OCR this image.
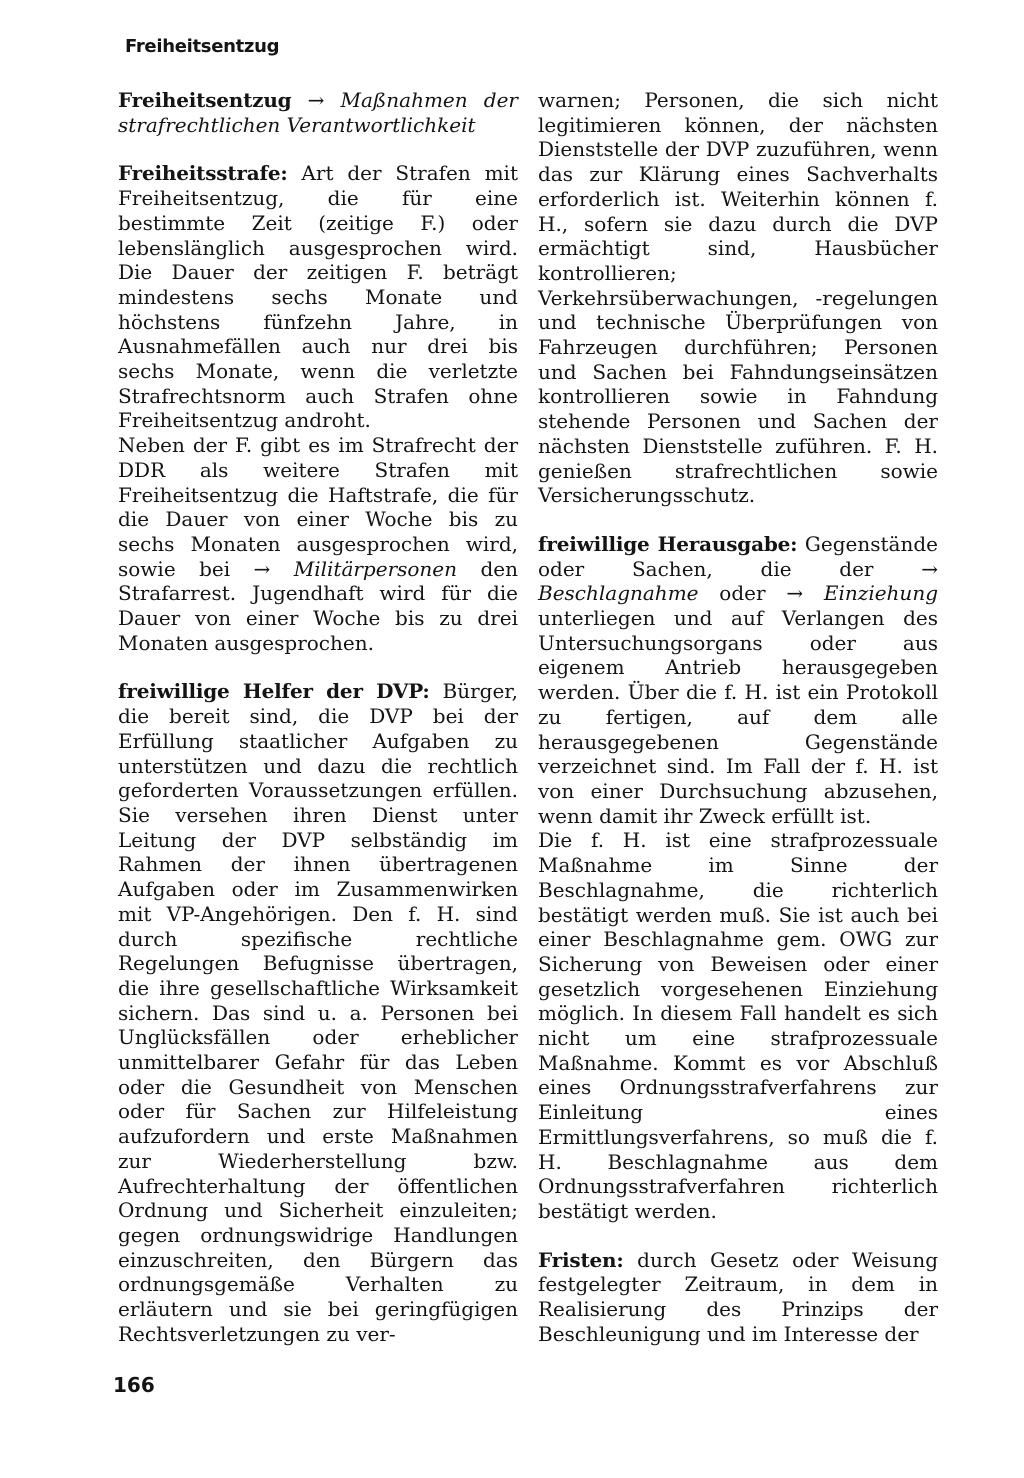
Freiheitsentzug

Freiheitsentzug → Maßnahmen der strafrechtlichen Verantwortlichkeit

Freiheitsstrafe: Art der Strafen mit Freiheitsentzug, die für eine bestimmte Zeit (zeitige F.) oder lebenslänglich ausgesprochen wird. Die Dauer der zeitigen F. beträgt mindestens sechs Monate und höchstens fünfzehn Jahre, in Ausnahmefällen auch nur drei bis sechs Monate, wenn die verletzte Strafrechtsnorm auch Strafen ohne Freiheitsentzug androht.

Neben der F. gibt es im Strafrecht der DDR als weitere Strafen mit Freiheitsentzug die Haftstrafe, die für die Dauer von einer Woche bis zu sechs Monaten ausgesprochen wird, sowie bei → Militärpersonen den Strafarrest. Jugendhaft wird für die Dauer von einer Woche bis zu drei Monaten ausgesprochen.

freiwillige Helfer der DVP: Bürger, die bereit sind, die DVP bei der Erfüllung staatlicher Aufgaben zu unterstützen und dazu die rechtlich geforderten Voraussetzungen erfüllen. Sie versehen ihren Dienst unter Leitung der DVP selbständig im Rahmen der ihnen übertragenen Aufgaben oder im Zusammenwirken mit VP-Angehörigen. Den f. H. sind durch spezifische rechtliche Regelungen Befugnisse übertragen, die ihre gesellschaftliche Wirksamkeit sichern. Das sind u. a. Personen bei Unglücksfällen oder erheblicher unmittelbarer Gefahr für das Leben oder die Gesundheit von Menschen oder für Sachen zur Hilfeleistung aufzufordern und erste Maßnahmen zur Wiederherstellung bzw. Aufrechterhaltung der öffentlichen Ordnung und Sicherheit einzuleiten; gegen ordnungswidrige Handlungen einzuschreiten, den Bürgern das ordnungsgemäße Verhalten zu erläutern und sie bei geringfügigen Rechtsverletzungen zu ver-

warnen; Personen, die sich nicht legitimieren können, der nächsten Dienststelle der DVP zuzuführen, wenn das zur Klärung eines Sachverhalts erforderlich ist. Weiterhin können f. H., sofern sie dazu durch die DVP ermächtigt sind, Hausbücher kontrollieren; Verkehrsüberwachungen, -regelungen und technische Überprüfungen von Fahrzeugen durchführen; Personen und Sachen bei Fahndungseinsätzen kontrollieren sowie in Fahndung stehende Personen und Sachen der nächsten Dienststelle zuführen. F. H. genießen strafrechtlichen sowie Versicherungsschutz.

freiwillige Herausgabe: Gegenstände oder Sachen, die der → Beschlagnahme oder → Einziehung unterliegen und auf Verlangen des Untersuchungsorgans oder aus eigenem Antrieb herausgegeben werden. Über die f. H. ist ein Protokoll zu fertigen, auf dem alle herausgegebenen Gegenstände verzeichnet sind. Im Fall der f. H. ist von einer Durchsuchung abzusehen, wenn damit ihr Zweck erfüllt ist.

Die f. H. ist eine strafprozessuale Maßnahme im Sinne der Beschlagnahme, die richterlich bestätigt werden muß. Sie ist auch bei einer Beschlagnahme gem. OWG zur Sicherung von Beweisen oder einer gesetzlich vorgesehenen Einziehung möglich. In diesem Fall handelt es sich nicht um eine strafprozessuale Maßnahme. Kommt es vor Abschluß eines Ordnungsstrafverfahrens zur Einleitung eines Ermittlungsverfahrens, so muß die f. H. Beschlagnahme aus dem Ordnungsstrafverfahren richterlich bestätigt werden.

Fristen: durch Gesetz oder Weisung festgelegter Zeitraum, in dem in Realisierung des Prinzips der Beschleunigung und im Interesse der

166
